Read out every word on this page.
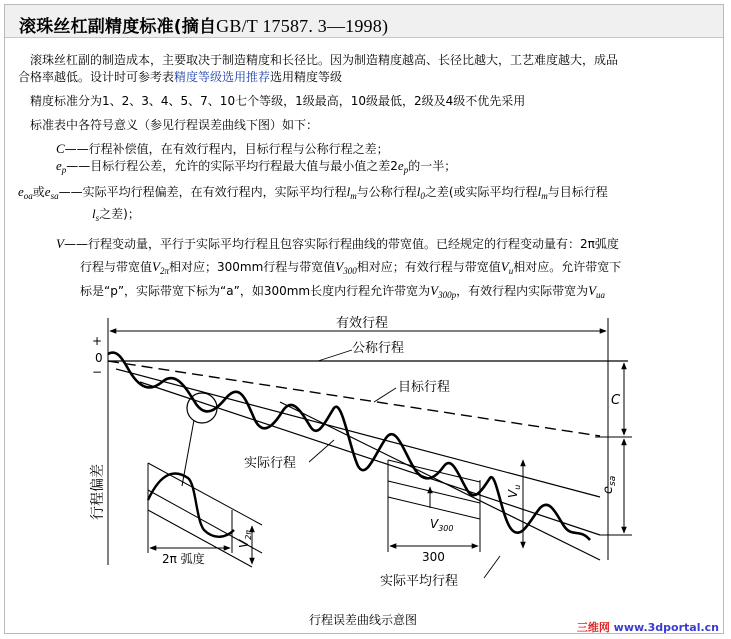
滚珠丝杠副精度标准(摘自GB/T 17587. 3—1998)
滚珠丝杠副的制造成本，主要取决于制造精度和长径比。因为制造精度越高、长径比越大，工艺难度越大，成品
合格率越低。设计时可参考表精度等级选用推荐选用精度等级
精度标准分为1、2、3、4、5、7、10七个等级，1级最高，10级最低，2级及4级不优先采用
标准表中各符号意义（参见行程误差曲线下图）如下：
C——行程补偿值，在有效行程内，目标行程与公称行程之差；
$e_p——$目标行程公差，允许的实际平均行程最大值与最小值之差$2e_p$的一半；
$e_{oa}$或$e_{sa}——$实际平均行程偏差，在有效行程内，实际平均行程$l_m$与公称行程$l_0$之差(或实际平均行程$l_m$与目标行程
$l_s$之差)；
V——行程变动量，平行于实际平均行程且包容实际行程曲线的带宽值。已经规定的行程变动量有：2π弧度
行程与带宽值$V_{2\pi}$相对应；300mm行程与带宽值$V_{300}$相对应；有效行程与带宽值$V_u$相对应。允许带宽下
标是“p”，实际带宽下标为“a”，如300mm长度内行程允许带宽为$V_{300p}$，有效行程内实际带宽为$V_{ua}$
有效行程
+
0
−
公称行程
目标行程
C
$e_{sa}$
实际行程
2π 弧度
$V_{2\pi}$
$V_{300}$
300
$V_u$
实际平均行程
行程偏差
行程误差曲线示意图
三维网 www.3dportal.cn
